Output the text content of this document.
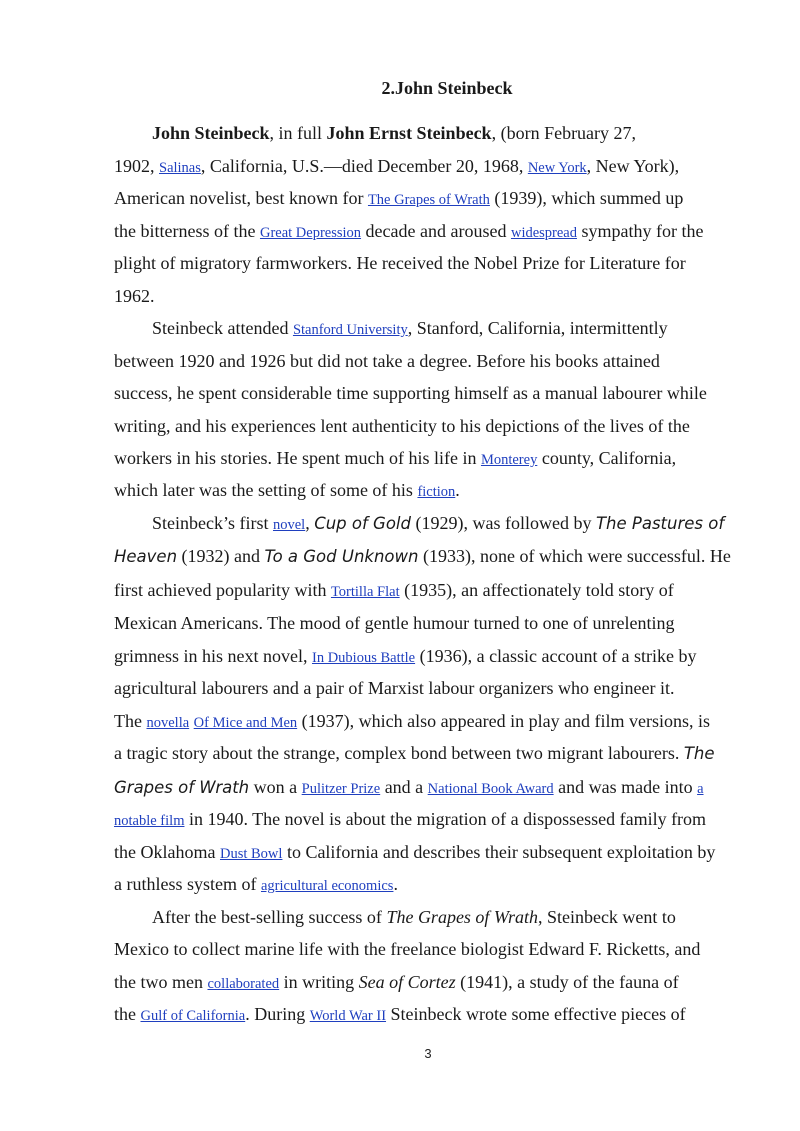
2.John Steinbeck
John Steinbeck, in full John Ernst Steinbeck, (born February 27,
1902, Salinas, California, U.S.—died December 20, 1968, New York, New York),
American novelist, best known for The Grapes of Wrath (1939), which summed up
the bitterness of the Great Depression decade and aroused widespread sympathy for the
plight of migratory farmworkers. He received the Nobel Prize for Literature for
1962.
Steinbeck attended Stanford University, Stanford, California, intermittently
between 1920 and 1926 but did not take a degree. Before his books attained
success, he spent considerable time supporting himself as a manual labourer while
writing, and his experiences lent authenticity to his depictions of the lives of the
workers in his stories. He spent much of his life in Monterey county, California,
which later was the setting of some of his fiction.
Steinbeck’s first novel, Cup of Gold (1929), was followed by The Pastures of
Heaven (1932) and To a God Unknown (1933), none of which were successful. He
first achieved popularity with Tortilla Flat (1935), an affectionately told story of
Mexican Americans. The mood of gentle humour turned to one of unrelenting
grimness in his next novel, In Dubious Battle (1936), a classic account of a strike by
agricultural labourers and a pair of Marxist labour organizers who engineer it.
The novella Of Mice and Men (1937), which also appeared in play and film versions, is
a tragic story about the strange, complex bond between two migrant labourers. The
Grapes of Wrath won a Pulitzer Prize and a National Book Award and was made into a
notable film in 1940. The novel is about the migration of a dispossessed family from
the Oklahoma Dust Bowl to California and describes their subsequent exploitation by
a ruthless system of agricultural economics.
After the best-selling success of The Grapes of Wrath, Steinbeck went to
Mexico to collect marine life with the freelance biologist Edward F. Ricketts, and
the two men collaborated in writing Sea of Cortez (1941), a study of the fauna of
the Gulf of California. During World War II Steinbeck wrote some effective pieces of
3
